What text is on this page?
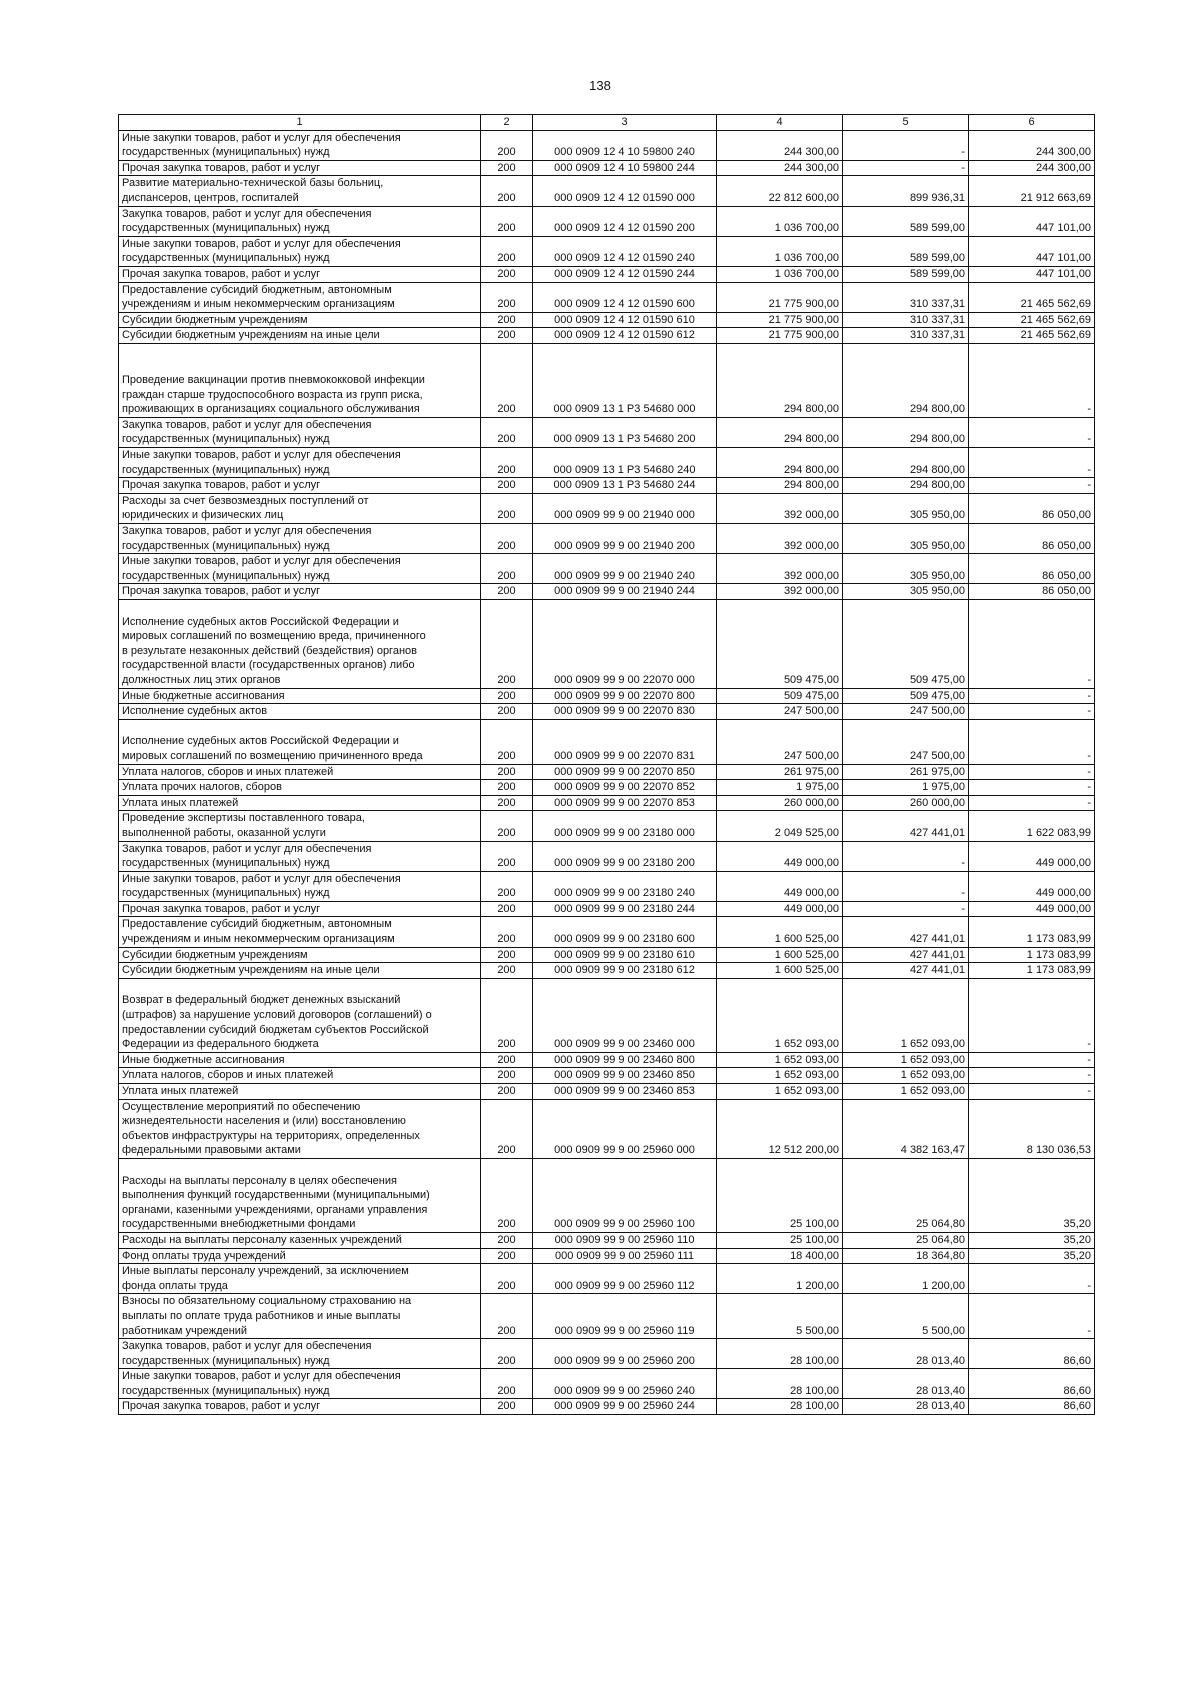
138
1	2	3	4	5	6
Иные закупки товаров, работ и услуг для обеспечения
государственных (муниципальных) нужд	200	000 0909 12 4 10 59800 240	244 300,00	-	244 300,00
Прочая закупка товаров, работ и услуг	200	000 0909 12 4 10 59800 244	244 300,00	-	244 300,00
Развитие материально-технической базы больниц,
диспансеров, центров, госпиталей	200	000 0909 12 4 12 01590 000	22 812 600,00	899 936,31	21 912 663,69
Закупка товаров, работ и услуг для обеспечения
государственных (муниципальных) нужд	200	000 0909 12 4 12 01590 200	1 036 700,00	589 599,00	447 101,00
Иные закупки товаров, работ и услуг для обеспечения
государственных (муниципальных) нужд	200	000 0909 12 4 12 01590 240	1 036 700,00	589 599,00	447 101,00
Прочая закупка товаров, работ и услуг	200	000 0909 12 4 12 01590 244	1 036 700,00	589 599,00	447 101,00
Предоставление субсидий бюджетным, автономным
учреждениям и иным некоммерческим организациям	200	000 0909 12 4 12 01590 600	21 775 900,00	310 337,31	21 465 562,69
Субсидии бюджетным учреждениям	200	000 0909 12 4 12 01590 610	21 775 900,00	310 337,31	21 465 562,69
Субсидии бюджетным учреждениям на иные цели	200	000 0909 12 4 12 01590 612	21 775 900,00	310 337,31	21 465 562,69

Проведение вакцинации против пневмококковой инфекции
граждан старше трудоспособного возраста из групп риска,
проживающих в организациях социального обслуживания	200	000 0909 13 1 P3 54680 000	294 800,00	294 800,00	-
Закупка товаров, работ и услуг для обеспечения
государственных (муниципальных) нужд	200	000 0909 13 1 P3 54680 200	294 800,00	294 800,00	-
Иные закупки товаров, работ и услуг для обеспечения
государственных (муниципальных) нужд	200	000 0909 13 1 P3 54680 240	294 800,00	294 800,00	-
Прочая закупка товаров, работ и услуг	200	000 0909 13 1 P3 54680 244	294 800,00	294 800,00	-
Расходы за счет безвозмездных поступлений от
юридических и физических лиц	200	000 0909 99 9 00 21940 000	392 000,00	305 950,00	86 050,00
Закупка товаров, работ и услуг для обеспечения
государственных (муниципальных) нужд	200	000 0909 99 9 00 21940 200	392 000,00	305 950,00	86 050,00
Иные закупки товаров, работ и услуг для обеспечения
государственных (муниципальных) нужд	200	000 0909 99 9 00 21940 240	392 000,00	305 950,00	86 050,00
Прочая закупка товаров, работ и услуг	200	000 0909 99 9 00 21940 244	392 000,00	305 950,00	86 050,00

Исполнение судебных актов Российской Федерации и
мировых соглашений по возмещению вреда, причиненного
в результате незаконных действий (бездействия) органов
государственной власти (государственных органов) либо
должностных лиц этих органов	200	000 0909 99 9 00 22070 000	509 475,00	509 475,00	-
Иные бюджетные ассигнования	200	000 0909 99 9 00 22070 800	509 475,00	509 475,00	-
Исполнение судебных актов	200	000 0909 99 9 00 22070 830	247 500,00	247 500,00	-

Исполнение судебных актов Российской Федерации и
мировых соглашений по возмещению причиненного вреда	200	000 0909 99 9 00 22070 831	247 500,00	247 500,00	-
Уплата налогов, сборов и иных платежей	200	000 0909 99 9 00 22070 850	261 975,00	261 975,00	-
Уплата прочих налогов, сборов	200	000 0909 99 9 00 22070 852	1 975,00	1 975,00	-
Уплата иных платежей	200	000 0909 99 9 00 22070 853	260 000,00	260 000,00	-
Проведение экспертизы поставленного товара,
выполненной работы, оказанной услуги	200	000 0909 99 9 00 23180 000	2 049 525,00	427 441,01	1 622 083,99
Закупка товаров, работ и услуг для обеспечения
государственных (муниципальных) нужд	200	000 0909 99 9 00 23180 200	449 000,00	-	449 000,00
Иные закупки товаров, работ и услуг для обеспечения
государственных (муниципальных) нужд	200	000 0909 99 9 00 23180 240	449 000,00	-	449 000,00
Прочая закупка товаров, работ и услуг	200	000 0909 99 9 00 23180 244	449 000,00	-	449 000,00
Предоставление субсидий бюджетным, автономным
учреждениям и иным некоммерческим организациям	200	000 0909 99 9 00 23180 600	1 600 525,00	427 441,01	1 173 083,99
Субсидии бюджетным учреждениям	200	000 0909 99 9 00 23180 610	1 600 525,00	427 441,01	1 173 083,99
Субсидии бюджетным учреждениям на иные цели	200	000 0909 99 9 00 23180 612	1 600 525,00	427 441,01	1 173 083,99

Возврат в федеральный бюджет денежных взысканий
(штрафов) за нарушение условий договоров (соглашений) о
предоставлении субсидий бюджетам субъектов Российской
Федерации из федерального бюджета	200	000 0909 99 9 00 23460 000	1 652 093,00	1 652 093,00	-
Иные бюджетные ассигнования	200	000 0909 99 9 00 23460 800	1 652 093,00	1 652 093,00	-
Уплата налогов, сборов и иных платежей	200	000 0909 99 9 00 23460 850	1 652 093,00	1 652 093,00	-
Уплата иных платежей	200	000 0909 99 9 00 23460 853	1 652 093,00	1 652 093,00	-
Осуществление мероприятий по обеспечению
жизнедеятельности населения и (или) восстановлению
объектов инфраструктуры на территориях, определенных
федеральными правовыми актами	200	000 0909 99 9 00 25960 000	12 512 200,00	4 382 163,47	8 130 036,53

Расходы на выплаты персоналу в целях обеспечения
выполнения функций государственными (муниципальными)
органами, казенными учреждениями, органами управления
государственными внебюджетными фондами	200	000 0909 99 9 00 25960 100	25 100,00	25 064,80	35,20
Расходы на выплаты персоналу казенных учреждений	200	000 0909 99 9 00 25960 110	25 100,00	25 064,80	35,20
Фонд оплаты труда учреждений	200	000 0909 99 9 00 25960 111	18 400,00	18 364,80	35,20
Иные выплаты персоналу учреждений, за исключением
фонда оплаты труда	200	000 0909 99 9 00 25960 112	1 200,00	1 200,00	-
Взносы по обязательному социальному страхованию на
выплаты по оплате труда работников и иные выплаты
работникам учреждений	200	000 0909 99 9 00 25960 119	5 500,00	5 500,00	-
Закупка товаров, работ и услуг для обеспечения
государственных (муниципальных) нужд	200	000 0909 99 9 00 25960 200	28 100,00	28 013,40	86,60
Иные закупки товаров, работ и услуг для обеспечения
государственных (муниципальных) нужд	200	000 0909 99 9 00 25960 240	28 100,00	28 013,40	86,60
Прочая закупка товаров, работ и услуг	200	000 0909 99 9 00 25960 244	28 100,00	28 013,40	86,60
